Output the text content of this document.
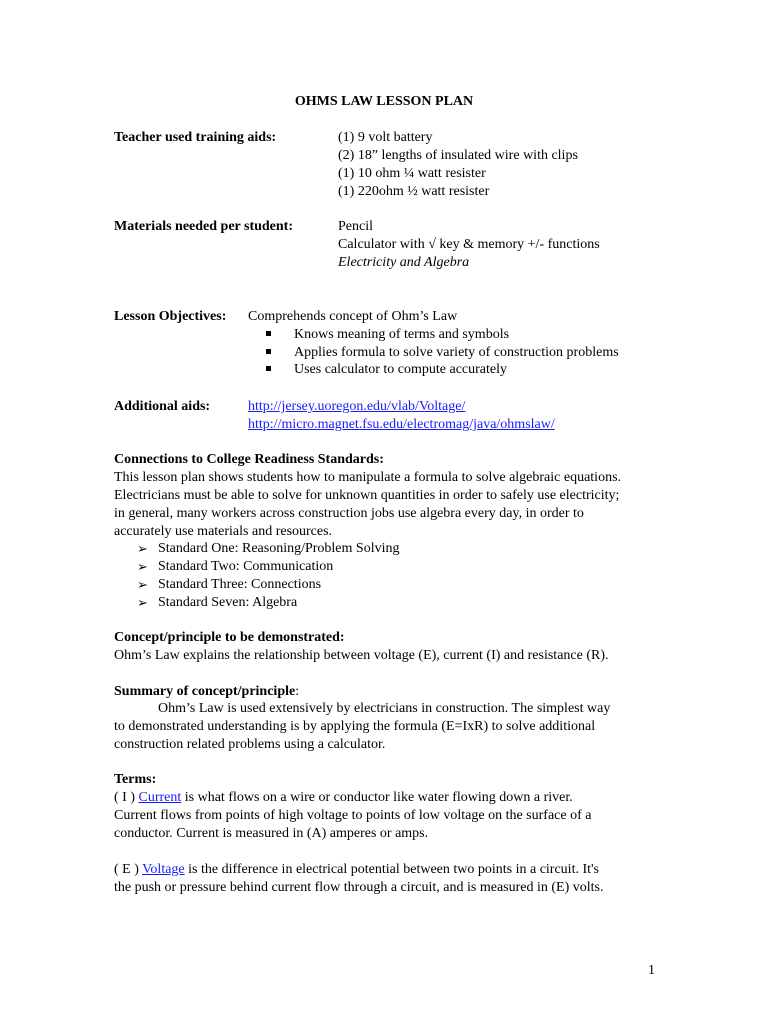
OHMS LAW LESSON PLAN
Teacher used training aids:	(1) 9 volt battery
(2) 18” lengths of insulated wire with clips
(1) 10 ohm ¼ watt resister
(1) 220ohm ½ watt resister
Materials needed per student:	Pencil
Calculator with √ key & memory +/- functions
Electricity and Algebra
Lesson Objectives: Comprehends concept of Ohm’s Law
Knows meaning of terms and symbols
Applies formula to solve variety of construction problems
Uses calculator to compute accurately
Additional aids:	http://jersey.uoregon.edu/vlab/Voltage/
http://micro.magnet.fsu.edu/electromag/java/ohmslaw/
Connections to College Readiness Standards:
This lesson plan shows students how to manipulate a formula to solve algebraic equations.
Electricians must be able to solve for unknown quantities in order to safely use electricity;
in general, many workers across construction jobs use algebra every day, in order to
accurately use materials and resources.
➢ Standard One: Reasoning/Problem Solving
➢ Standard Two: Communication
➢ Standard Three: Connections
➢ Standard Seven: Algebra
Concept/principle to be demonstrated:
Ohm’s Law explains the relationship between voltage (E), current (I) and resistance (R).
Summary of concept/principle:
Ohm’s Law is used extensively by electricians in construction. The simplest way
to demonstrated understanding is by applying the formula (E=IxR) to solve additional
construction related problems using a calculator.
Terms:
( I ) Current is what flows on a wire or conductor like water flowing down a river.
Current flows from points of high voltage to points of low voltage on the surface of a
conductor. Current is measured in (A) amperes or amps.
( E ) Voltage is the difference in electrical potential between two points in a circuit. It's
the push or pressure behind current flow through a circuit, and is measured in (E) volts.
1
